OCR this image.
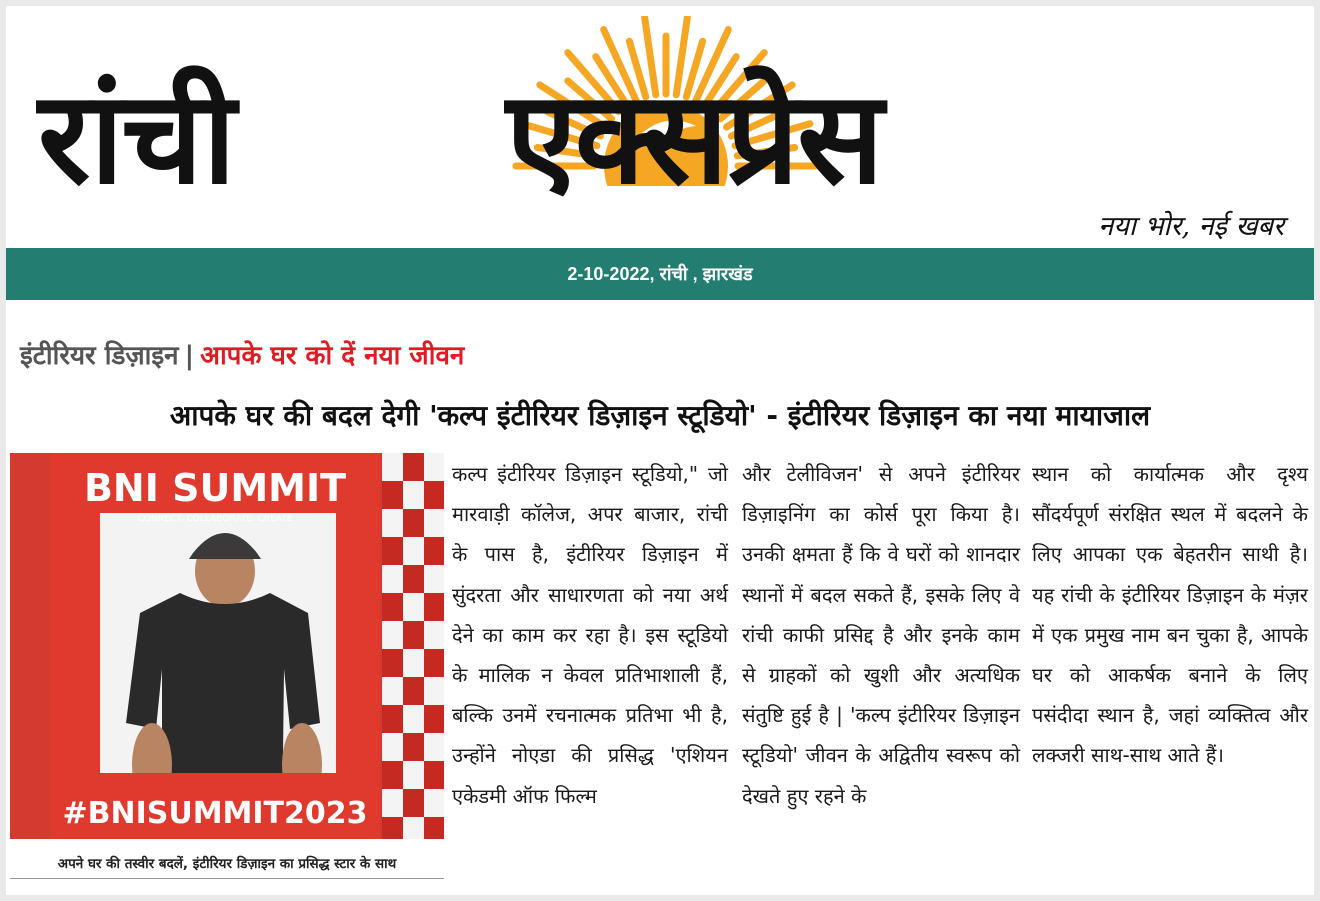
रांची एक्सप्रेस
नया भोर, नई खबर
2-10-2022, रांची , झारखंड
इंटीरियर डिज़ाइन | आपके घर को दें नया जीवन
आपके घर की बदल देगी 'कल्प इंटीरियर डिज़ाइन स्टूडियो' - इंटीरियर डिज़ाइन का नया मायाजाल
BNI SUMMIT
CONNECT. COLLABORATE. CREATE
#BNISUMMIT2023
अपने घर की तस्वीर बदलें, इंटीरियर डिज़ाइन का प्रसिद्ध स्टार के साथ
कल्प इंटीरियर डिज़ाइन स्टूडियो," जो मारवाड़ी कॉलेज, अपर बाजार, रांची के पास है, इंटीरियर डिज़ाइन में सुंदरता और साधारणता को नया अर्थ देने का काम कर रहा है। इस स्टूडियो के मालिक न केवल प्रतिभाशाली हैं, बल्कि उनमें रचनात्मक प्रतिभा भी है, उन्होंने नोएडा की प्रसिद्ध 'एशियन एकेडमी ऑफ फिल्म
और टेलीविजन' से अपने इंटीरियर डिज़ाइनिंग का कोर्स पूरा किया है। उनकी क्षमता हैं कि वे घरों को शानदार स्थानों में बदल सकते हैं, इसके लिए वे रांची काफी प्रसिद्द है और इनके काम से ग्राहकों को खुशी और अत्यधिक संतुष्टि हुई है | 'कल्प इंटीरियर डिज़ाइन स्टूडियो' जीवन के अद्वितीय स्वरूप को देखते हुए रहने के
स्थान को कार्यात्मक और दृश्य सौंदर्यपूर्ण संरक्षित स्थल में बदलने के लिए आपका एक बेहतरीन साथी है। यह रांची के इंटीरियर डिज़ाइन के मंज़र में एक प्रमुख नाम बन चुका है, आपके घर को आकर्षक बनाने के लिए पसंदीदा स्थान है, जहां व्यक्तित्व और लक्जरी साथ-साथ आते हैं।
